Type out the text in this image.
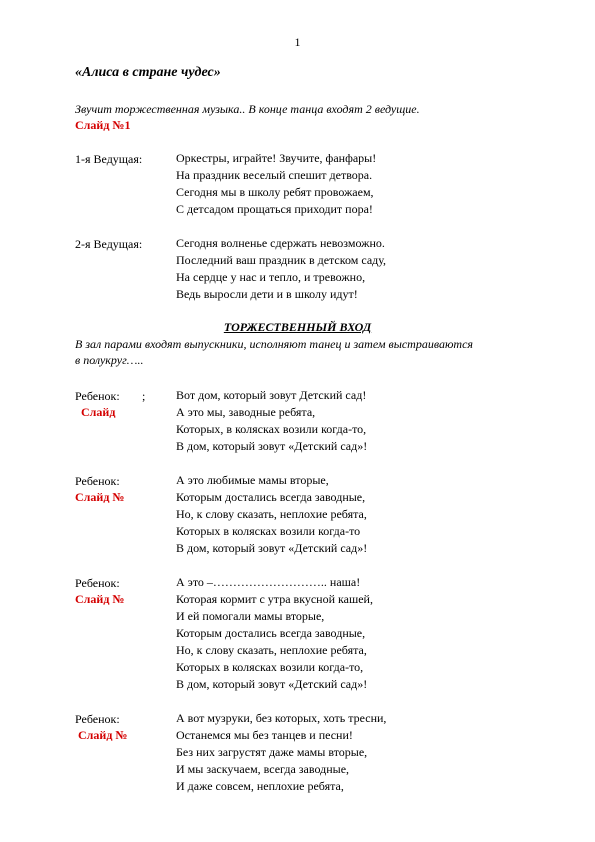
1
«Алиса в стране чудес»
Звучит торжественная музыка.. В конце танца входят 2 ведущие.
Слайд №1
1-я Ведущая:	Оркестры, играйте! Звучите, фанфары!
На праздник веселый спешит детвора.
Сегодня мы в школу ребят провожаем,
С детсадом прощаться приходит пора!
2-я Ведущая:	Сегодня волненье сдержать невозможно.
Последний ваш праздник в детском саду,
На сердце у нас и тепло, и тревожно,
Ведь выросли дети и в школу идут!
ТОРЖЕСТВЕННЫЙ ВХОД
В зал парами входят выпускники, исполняют танец и затем выстраиваются
в полукруг…..
Ребенок: ;
Слайд
Вот дом, который зовут Детский сад!
А это мы, заводные ребята,
Которых, в колясках возили когда-то,
В дом, который зовут «Детский сад»!
Ребенок:
Слайд №
А это любимые мамы вторые,
Которым достались всегда заводные,
Но, к слову сказать, неплохие ребята,
Которых в колясках возили когда-то
В дом, который зовут «Детский сад»!
Ребенок:
Слайд №
А это –……………………….. наша!
Которая кормит с утра вкусной кашей,
И ей помогали мамы вторые,
Которым достались всегда заводные,
Но, к слову сказать, неплохие ребята,
Которых в колясках возили когда-то,
В дом, который зовут «Детский сад»!
Ребенок:
Слайд №
А вот музруки, без которых, хоть тресни,
Останемся мы без танцев и песни!
Без них загрустят даже мамы вторые,
И мы заскучаем, всегда заводные,
И даже совсем, неплохие ребята,
